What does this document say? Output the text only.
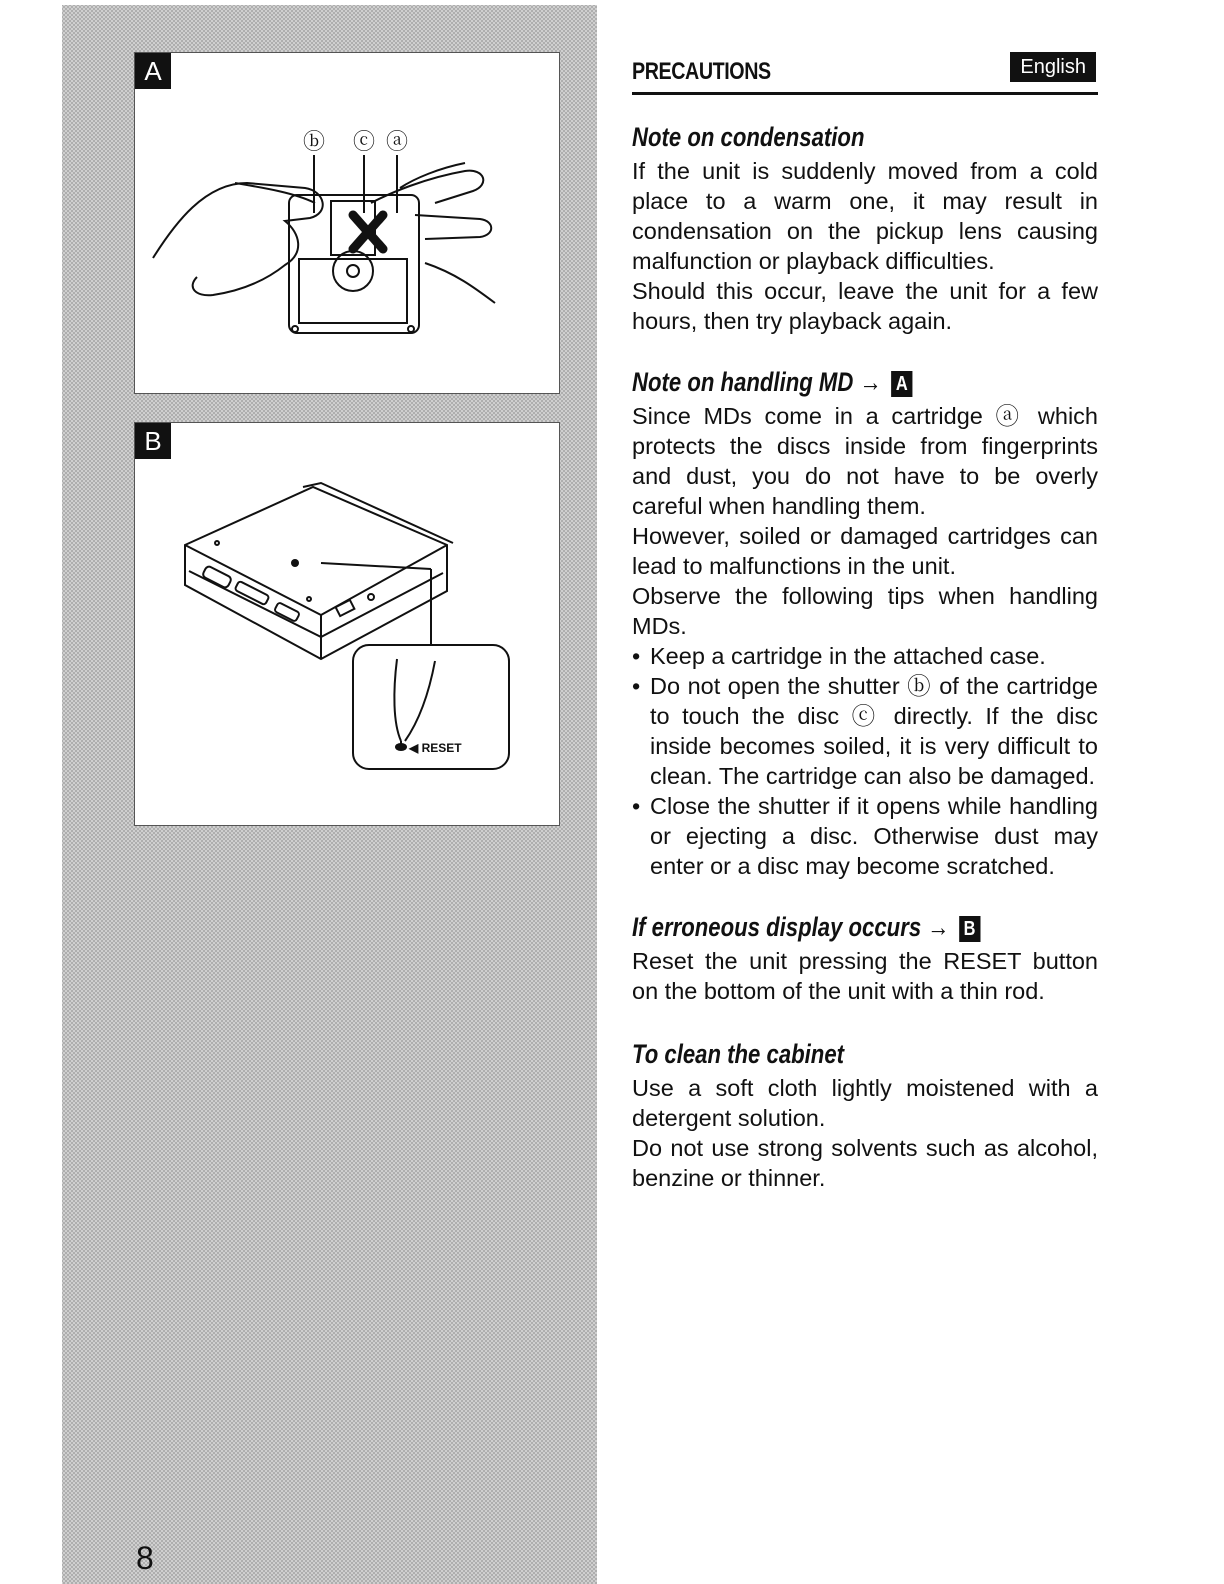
ⓑ ⓒ ⓐ
A
◀ RESET
B
8
PRECAUTIONS	English
Note on condensation

If the unit is suddenly moved from a cold place to a warm one, it may result in condensation on the pickup lens causing malfunction or playback difficulties.

Should this occur, leave the unit for a few hours, then try playback again.

Note on handling MD → A

Since MDs come in a cartridge ⓐ which protects the discs inside from fingerprints and dust, you do not have to be overly careful when handling them.

However, soiled or damaged cartridges can lead to malfunctions in the unit.

Observe the following tips when handling MDs.

• Keep a cartridge in the attached case.
• Do not open the shutter ⓑ of the cartridge to touch the disc ⓒ directly. If the disc inside becomes soiled, it is very difficult to clean. The cartridge can also be damaged.
• Close the shutter if it opens while handling or ejecting a disc. Otherwise dust may enter or a disc may become scratched.
If erroneous display occurs → B

Reset the unit pressing the RESET button on the bottom of the unit with a thin rod.

To clean the cabinet

Use a soft cloth lightly moistened with a detergent solution.

Do not use strong solvents such as alcohol, benzine or thinner.
